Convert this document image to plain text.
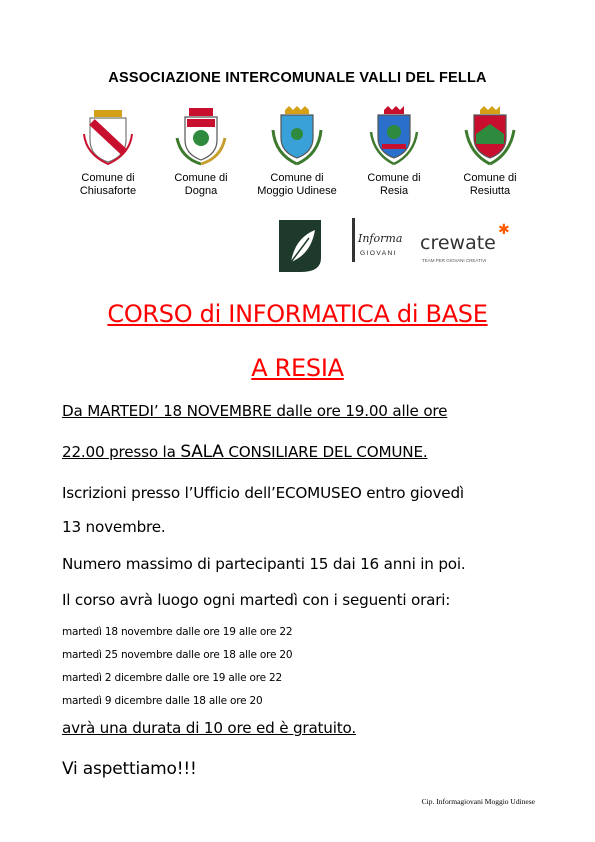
ASSOCIAZIONE INTERCOMUNALE VALLI DEL FELLA
Comune di
Chiusaforte
Comune di
Dogna
Comune di
Moggio Udinese
Comune di
Resia
Comune di
Resiutta
Informa
GIOVANI crewate
✱
TEAM PER GIOVANI CREATIVI
CORSO di INFORMATICA di BASE
A RESIA
Da MARTEDI’ 18 NOVEMBRE dalle ore 19.00 alle ore
22.00 presso la SALA CONSILIARE DEL COMUNE.
Iscrizioni presso l’Ufficio dell’ECOMUSEO entro giovedì
13 novembre.
Numero massimo di partecipanti 15 dai 16 anni in poi.
Il corso avrà luogo ogni martedì con i seguenti orari:
martedì 18 novembre dalle ore 19 alle ore 22
martedì 25 novembre dalle ore 18 alle ore 20
martedì 2 dicembre dalle ore 19 alle ore 22
martedì 9 dicembre dalle 18 alle ore 20
avrà una durata di 10 ore ed è gratuito.
Vi aspettiamo!!!
Cip. Informagiovani Moggio Udinese
